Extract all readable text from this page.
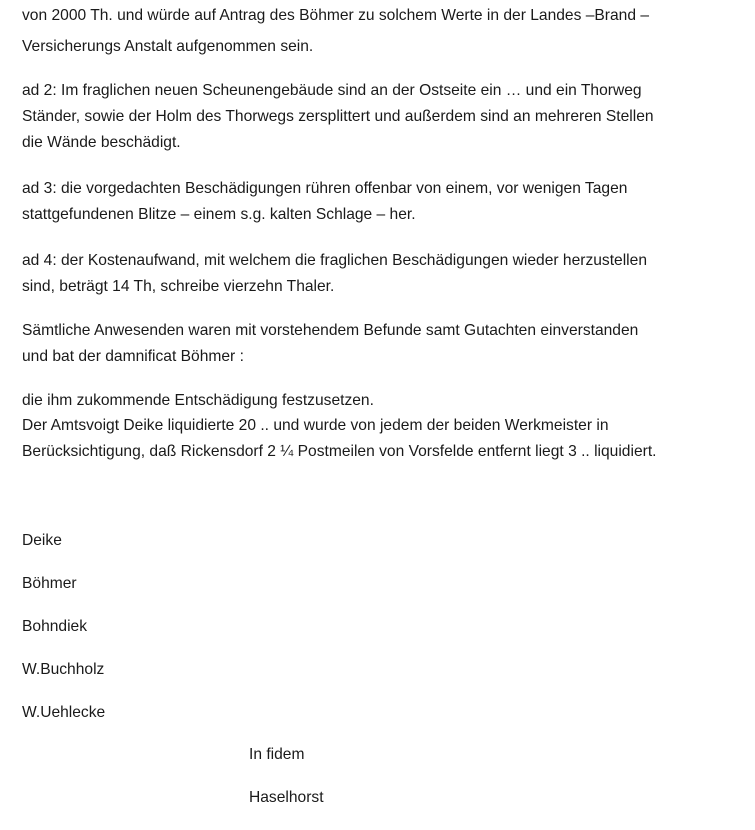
von 2000 Th. und würde auf Antrag des Böhmer zu solchem Werte in der Landes –Brand –
Versicherungs Anstalt aufgenommen sein.
ad 2: Im fraglichen neuen Scheunengebäude sind an der Ostseite ein … und ein Thorweg
Ständer, sowie der Holm des Thorwegs zersplittert und außerdem sind an mehreren Stellen
die Wände beschädigt.
ad 3: die vorgedachten Beschädigungen rühren offenbar von einem, vor wenigen Tagen
stattgefundenen Blitze – einem s.g. kalten Schlage – her.
ad 4: der Kostenaufwand, mit welchem die fraglichen Beschädigungen wieder herzustellen
sind, beträgt 14 Th, schreibe vierzehn Thaler.
Sämtliche Anwesenden waren mit vorstehendem Befunde samt Gutachten einverstanden
und bat der damnificat Böhmer :
die ihm zukommende Entschädigung festzusetzen.
Der Amtsvoigt Deike liquidierte 20 .. und wurde von jedem der beiden Werkmeister in
Berücksichtigung, daß Rickensdorf 2 ¼ Postmeilen von Vorsfelde entfernt liegt 3 .. liquidiert.
Deike
Böhmer
Bohndiek
W.Buchholz
W.Uehlecke
In fidem
Haselhorst
